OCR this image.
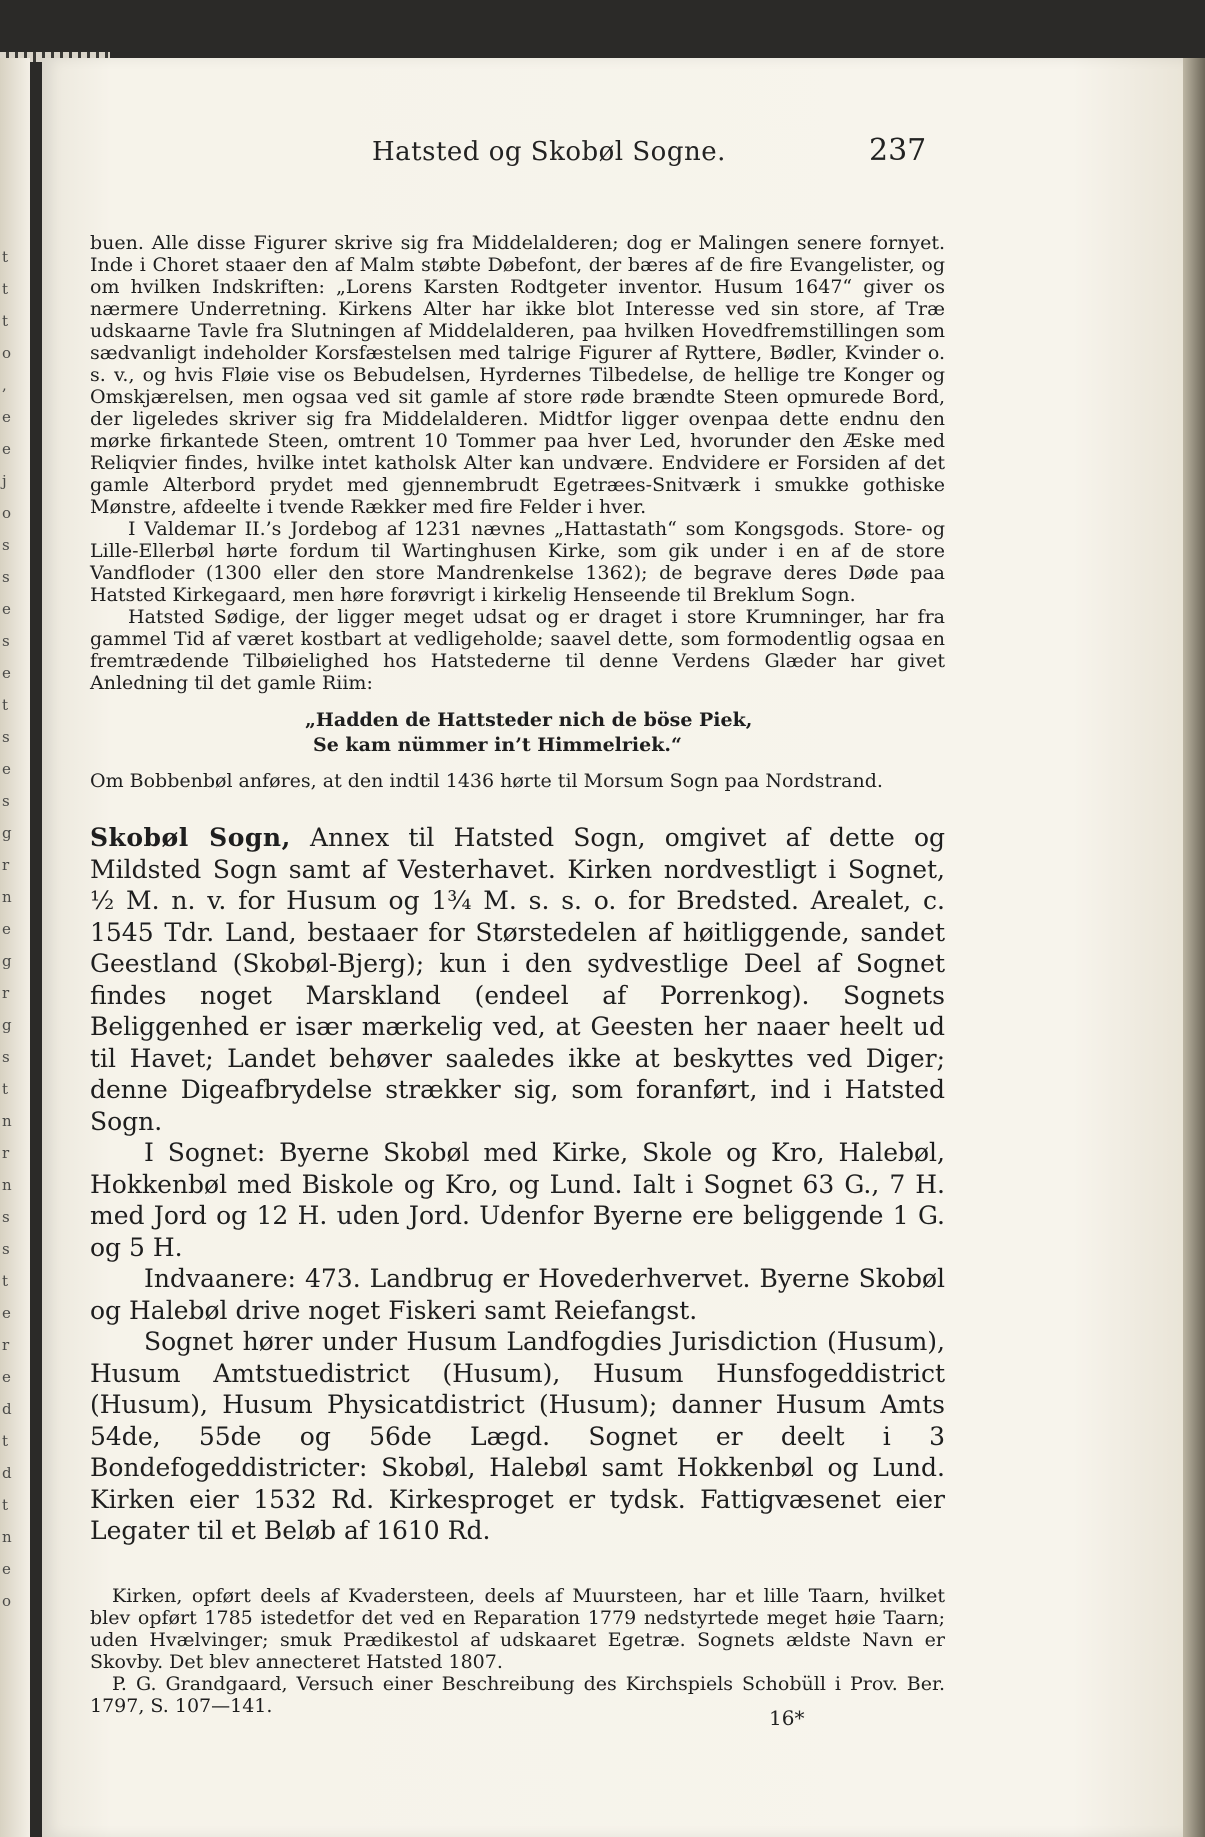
t
t
t
o
,
e
e
j
o
s
s
e
s
e
t
s
e
s
g
r
n
e
g
r
g
s
t
n
r
n
s
s
t
e
r
e
d
t
d
t
n
e
o
Hatsted og Skobøl Sogne.	237

buen. Alle disse Figurer skrive sig fra Middelalderen; dog er Malingen senere fornyet. Inde i Choret staaer den af Malm støbte Døbefont, der bæres af de fire Evangelister, og om hvilken Indskriften: „Lorens Karsten Rodtgeter inventor. Husum 1647“ giver os nærmere Underretning. Kirkens Alter har ikke blot Interesse ved sin store, af Træ udskaarne Tavle fra Slutningen af Middelalderen, paa hvilken Hovedfremstillingen som sædvanligt indeholder Korsfæstelsen med talrige Figurer af Ryttere, Bødler, Kvinder o. s. v., og hvis Fløie vise os Bebudelsen, Hyrdernes Tilbedelse, de hellige tre Konger og Omskjærelsen, men ogsaa ved sit gamle af store røde brændte Steen opmurede Bord, der ligeledes skriver sig fra Middelalderen. Midtfor ligger ovenpaa dette endnu den mørke firkantede Steen, omtrent 10 Tommer paa hver Led, hvorunder den Æske med Reliqvier findes, hvilke intet katholsk Alter kan undvære. Endvidere er Forsiden af det gamle Alterbord prydet med gjennembrudt Egetræes-Snitværk i smukke gothiske Mønstre, afdeelte i tvende Rækker med fire Felder i hver.

I Valdemar II.’s Jordebog af 1231 nævnes „Hattastath“ som Kongsgods. Store- og Lille-Ellerbøl hørte fordum til Wartinghusen Kirke, som gik under i en af de store Vandfloder (1300 eller den store Mandrenkelse 1362); de begrave deres Døde paa Hatsted Kirkegaard, men høre forøvrigt i kirkelig Henseende til Breklum Sogn.

Hatsted Sødige, der ligger meget udsat og er draget i store Krumninger, har fra gammel Tid af været kostbart at vedligeholde; saavel dette, som formodentlig ogsaa en fremtrædende Tilbøielighed hos Hatstederne til denne Verdens Glæder har givet Anledning til det gamle Riim:

„Hadden de Hattsteder nich de böse Piek,
Se kam nümmer in’t Himmelriek.“

Om Bobbenbøl anføres, at den indtil 1436 hørte til Morsum Sogn paa Nordstrand.

Skobøl Sogn, Annex til Hatsted Sogn, omgivet af dette og Mildsted Sogn samt af Vesterhavet. Kirken nordvestligt i Sognet, ½ M. n. v. for Husum og 1¾ M. s. s. o. for Bredsted. Arealet, c. 1545 Tdr. Land, bestaaer for Størstedelen af høitliggende, sandet Geestland (Skobøl-Bjerg); kun i den sydvestlige Deel af Sognet findes noget Marskland (endeel af Porrenkog). Sognets Beliggenhed er især mærkelig ved, at Geesten her naaer heelt ud til Havet; Landet behøver saaledes ikke at beskyttes ved Diger; denne Digeafbrydelse strækker sig, som foranført, ind i Hatsted Sogn.

I Sognet: Byerne Skobøl med Kirke, Skole og Kro, Halebøl, Hokkenbøl med Biskole og Kro, og Lund. Ialt i Sognet 63 G., 7 H. med Jord og 12 H. uden Jord. Udenfor Byerne ere beliggende 1 G. og 5 H.

Indvaanere: 473. Landbrug er Hovederhvervet. Byerne Skobøl og Halebøl drive noget Fiskeri samt Reiefangst.

Sognet hører under Husum Landfogdies Jurisdiction (Husum), Husum Amtstuedistrict (Husum), Husum Hunsfogeddistrict (Husum), Husum Physicatdistrict (Husum); danner Husum Amts 54de, 55de og 56de Lægd. Sognet er deelt i 3 Bondefogeddistricter: Skobøl, Halebøl samt Hokkenbøl og Lund. Kirken eier 1532 Rd. Kirkesproget er tydsk. Fattigvæsenet eier Legater til et Beløb af 1610 Rd.

Kirken, opført deels af Kvadersteen, deels af Muursteen, har et lille Taarn, hvilket blev opført 1785 istedetfor det ved en Reparation 1779 nedstyrtede meget høie Taarn; uden Hvælvinger; smuk Prædikestol af udskaaret Egetræ. Sognets ældste Navn er Skovby. Det blev annecteret Hatsted 1807.

P. G. Grandgaard, Versuch einer Beschreibung des Kirchspiels Schobüll i Prov. Ber. 1797, S. 107—141.

16*
